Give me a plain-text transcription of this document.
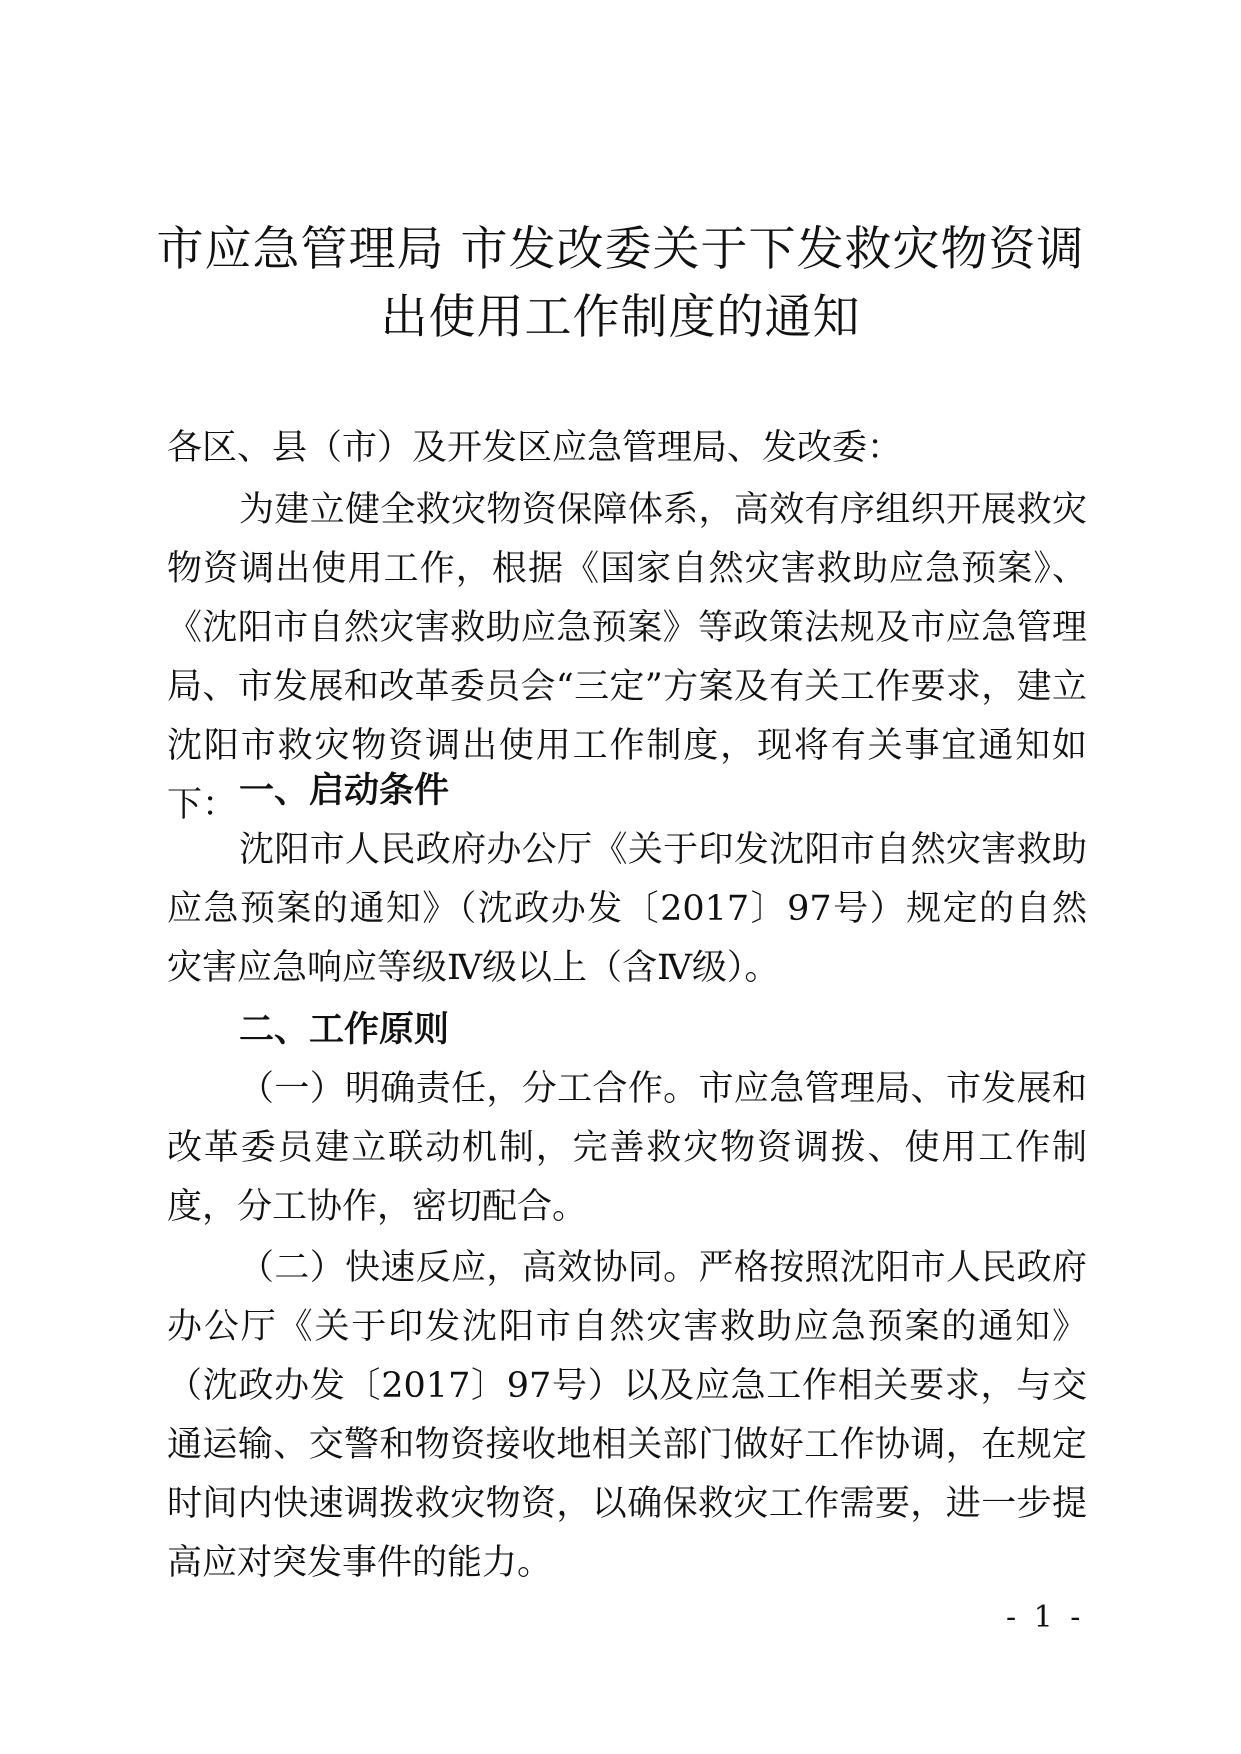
市应急管理局 市发改委关于下发救灾物资调
出使用工作制度的通知
各区、县（市）及开发区应急管理局、发改委：

为建立健全救灾物资保障体系，高效有序组织开展救灾物资调出使用工作，根据《国家自然灾害救助应急预案》、《沈阳市自然灾害救助应急预案》等政策法规及市应急管理局、市发展和改革委员会“三定”方案及有关工作要求，建立沈阳市救灾物资调出使用工作制度，现将有关事宜通知如下： 一、启动条件

沈阳市人民政府办公厅《关于印发沈阳市自然灾害救助应急预案的通知》（沈政办发〔2017〕97号）规定的自然灾害应急响应等级Ⅳ级以上（含Ⅳ级）。

二、工作原则

（一）明确责任，分工合作。市应急管理局、市发展和改革委员建立联动机制，完善救灾物资调拨、使用工作制度，分工协作，密切配合。

（二）快速反应，高效协同。严格按照沈阳市人民政府办公厅《关于印发沈阳市自然灾害救助应急预案的通知》（沈政办发〔2017〕97号）以及应急工作相关要求，与交通运输、交警和物资接收地相关部门做好工作协调，在规定时间内快速调拨救灾物资，以确保救灾工作需要，进一步提高应对突发事件的能力。

- 1 -
